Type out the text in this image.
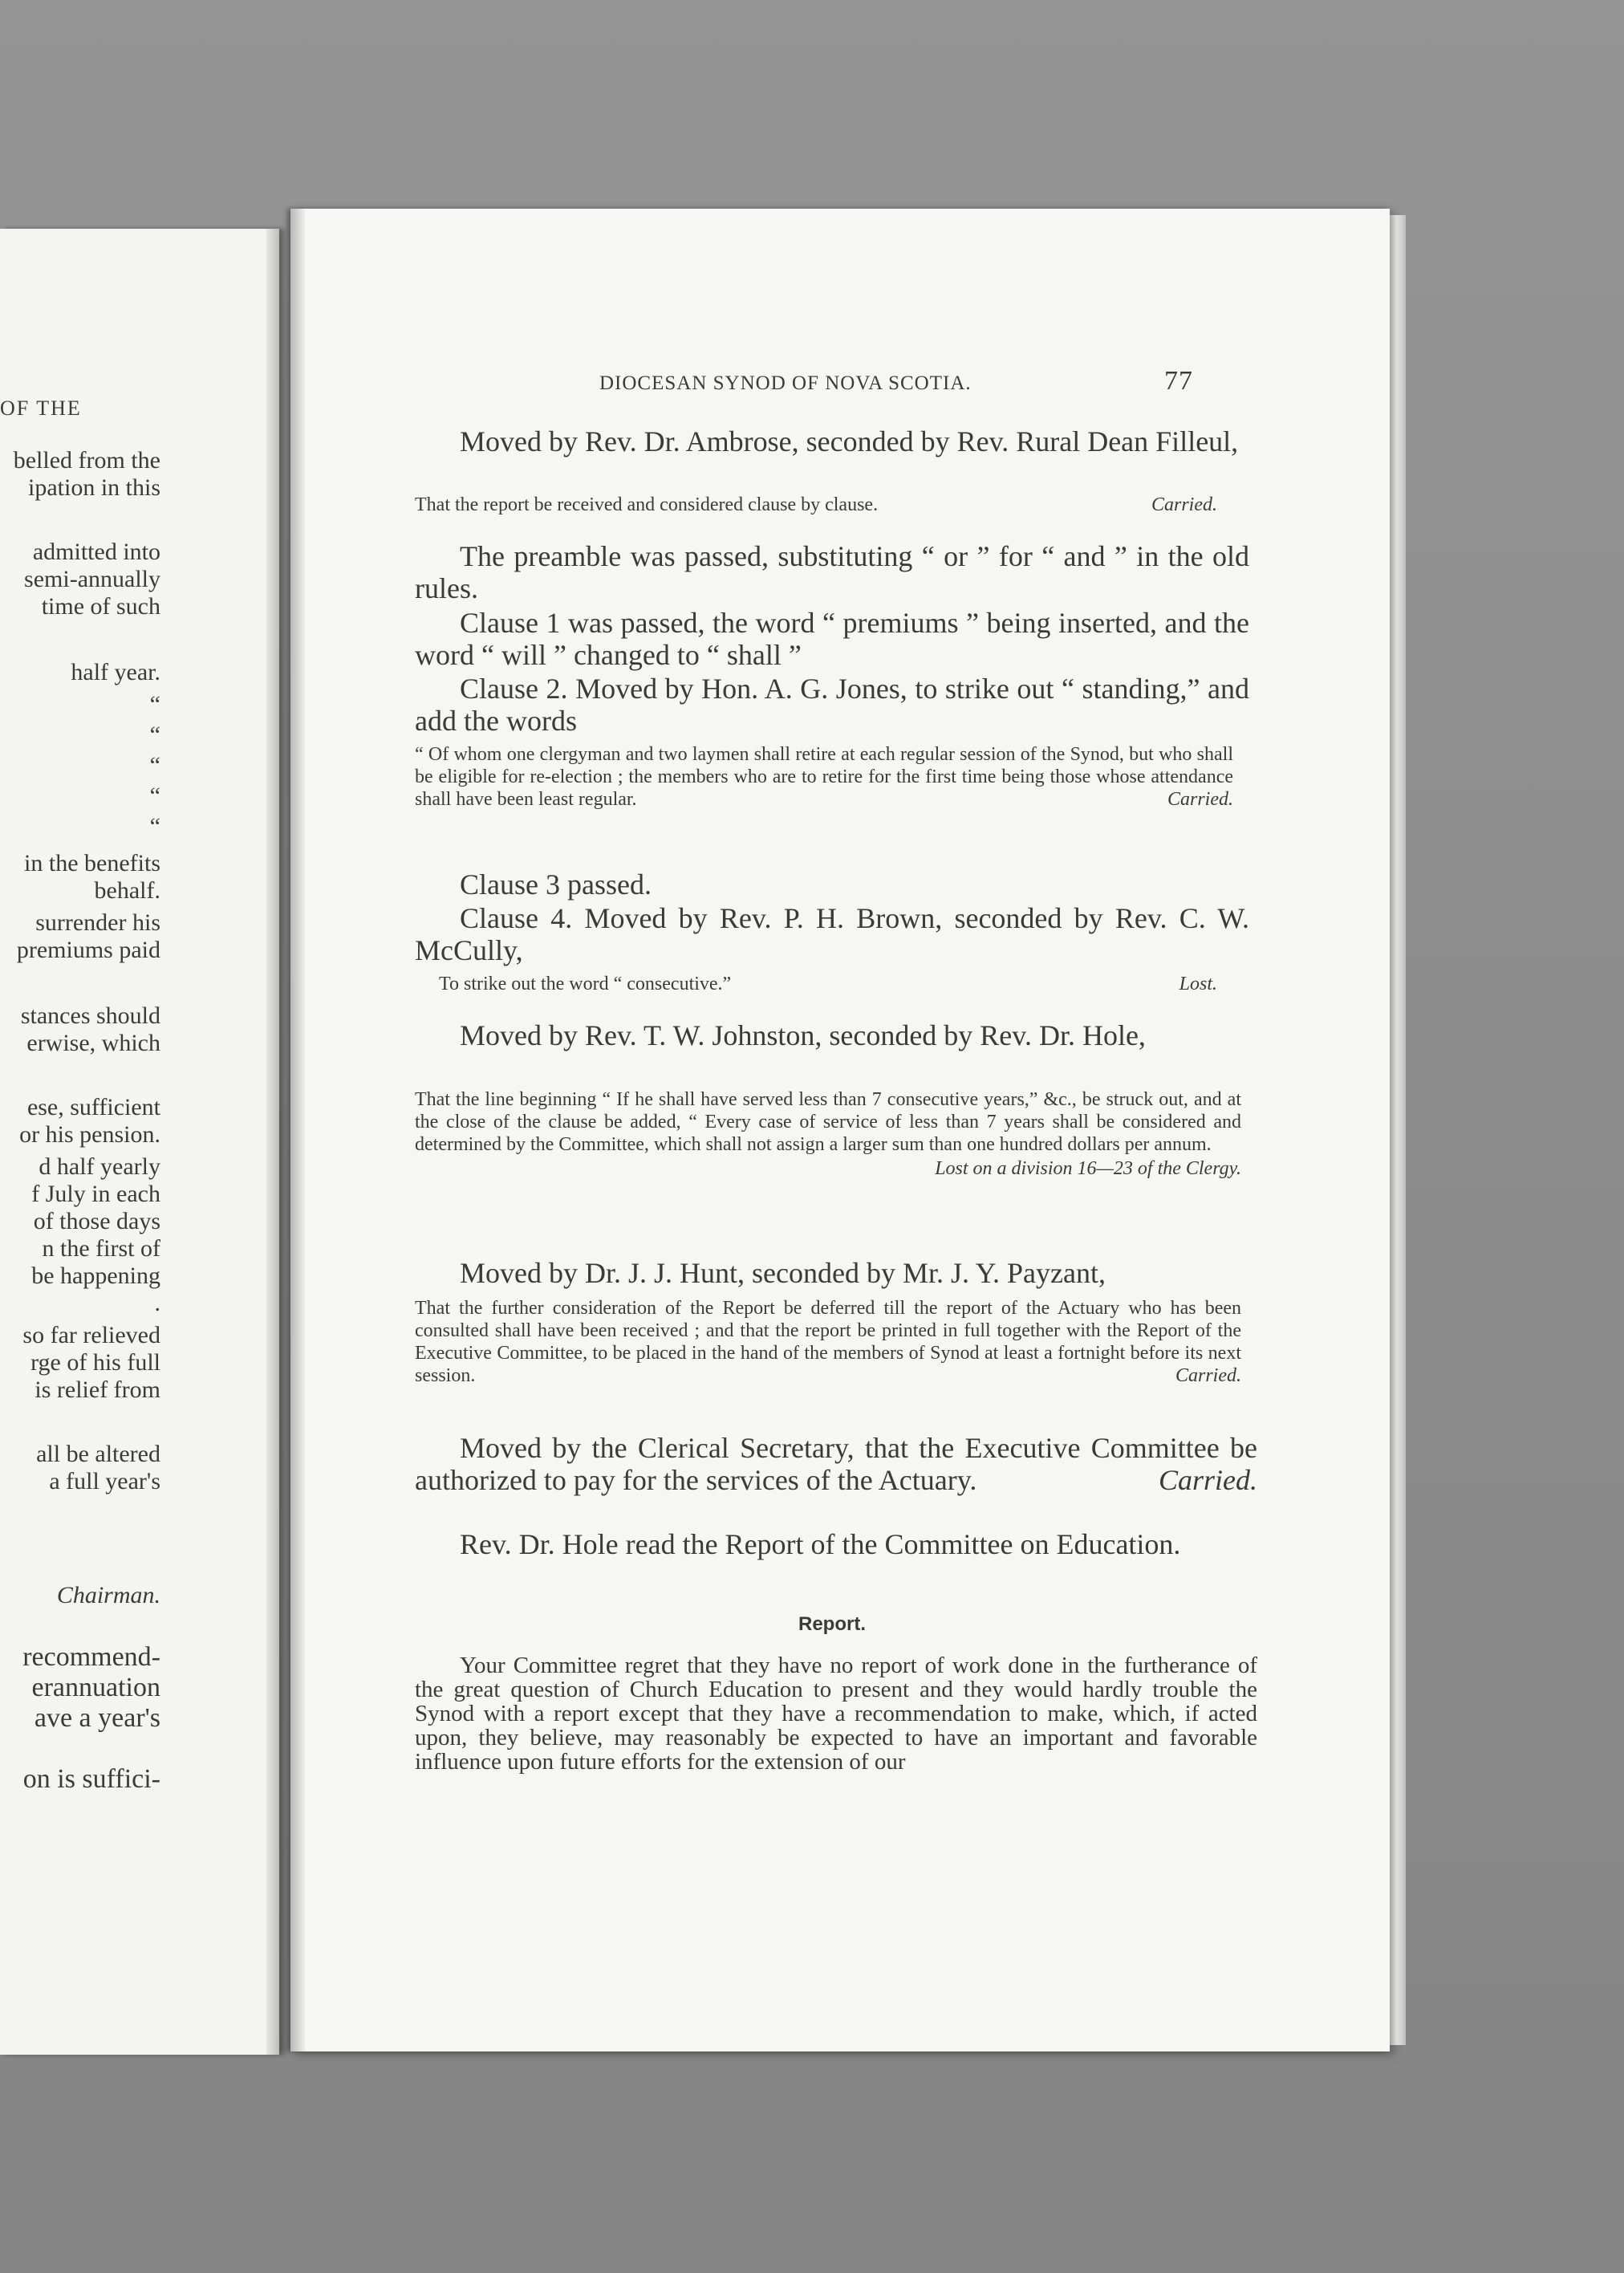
OF THE
belled from the
ipation in this
admitted into
semi-annually
time of such
half year.
“
“
“
“
“
in the benefits
behalf.
surrender his
premiums paid
stances should
erwise, which
ese, sufficient
or his pension.
d half yearly
f July in each
of those days
n the first of
be happening
.
so far relieved
rge of his full
is relief from
all be altered
a full year's
Chairman.
recommend-
erannuation
ave a year's
on is suffici-
DIOCESAN SYNOD OF NOVA SCOTIA.	77
Moved by Rev. Dr. Ambrose, seconded by Rev. Rural Dean Filleul,
That the report be received and considered clause by clause.	Carried.
The preamble was passed, substituting “ or ” for “ and ” in the old rules.
Clause 1 was passed, the word “ premiums ” being inserted, and the word “ will ” changed to “ shall ”
Clause 2. Moved by Hon. A. G. Jones, to strike out “ standing,” and add the words
“ Of whom one clergyman and two laymen shall retire at each regular session of the Synod, but who shall be eligible for re-election ; the members who are to retire for the first time being those whose attendance shall have been least regular.	Carried.
Clause 3 passed.
Clause 4. Moved by Rev. P. H. Brown, seconded by Rev. C. W. McCully,
To strike out the word “ consecutive.”	Lost.
Moved by Rev. T. W. Johnston, seconded by Rev. Dr. Hole,
That the line beginning “ If he shall have served less than 7 consecutive years,” &c., be struck out, and at the close of the clause be added, “ Every case of service of less than 7 years shall be considered and determined by the Committee, which shall not assign a larger sum than one hundred dollars per annum.
Lost on a division 16—23 of the Clergy.
Moved by Dr. J. J. Hunt, seconded by Mr. J. Y. Payzant,
That the further consideration of the Report be deferred till the report of the Actuary who has been consulted shall have been received ; and that the report be printed in full together with the Report of the Executive Committee, to be placed in the hand of the members of Synod at least a fortnight before its next session.	Carried.
Moved by the Clerical Secretary, that the Executive Committee be authorized to pay for the services of the Actuary.	Carried.
Rev. Dr. Hole read the Report of the Committee on Education.
Report.
Your Committee regret that they have no report of work done in the furtherance of the great question of Church Education to present and they would hardly trouble the Synod with a report except that they have a recommendation to make, which, if acted upon, they believe, may reasonably be expected to have an important and favorable influence upon future efforts for the extension of our
